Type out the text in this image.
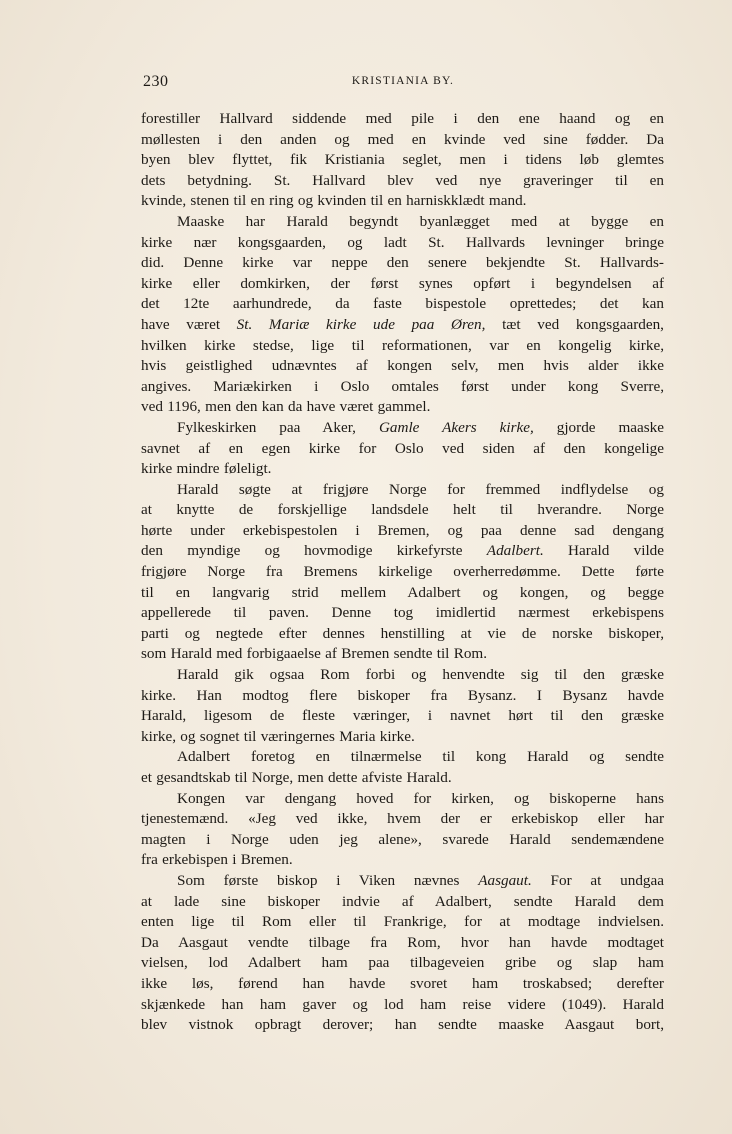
230	KRISTIANIA BY.
forestiller Hallvard siddende med pile i den ene haand og en
møllesten i den anden og med en kvinde ved sine fødder. Da
byen blev flyttet, fik Kristiania seglet, men i tidens løb glemtes
dets betydning. St. Hallvard blev ved nye graveringer til en
kvinde, stenen til en ring og kvinden til en harniskklædt mand.
Maaske har Harald begyndt byanlægget med at bygge en
kirke nær kongsgaarden, og ladt St. Hallvards levninger bringe
did. Denne kirke var neppe den senere bekjendte St. Hallvards-
kirke eller domkirken, der først synes opført i begyndelsen af
det 12te aarhundrede, da faste bispestole oprettedes; det kan
have været St. Mariæ kirke ude paa Øren, tæt ved kongsgaarden,
hvilken kirke stedse, lige til reformationen, var en kongelig kirke,
hvis geistlighed udnævntes af kongen selv, men hvis alder ikke
angives. Mariækirken i Oslo omtales først under kong Sverre,
ved 1196, men den kan da have været gammel.
Fylkeskirken paa Aker, Gamle Akers kirke, gjorde maaske
savnet af en egen kirke for Oslo ved siden af den kongelige
kirke mindre føleligt.
Harald søgte at frigjøre Norge for fremmed indflydelse og
at knytte de forskjellige landsdele helt til hverandre. Norge
hørte under erkebispestolen i Bremen, og paa denne sad dengang
den myndige og hovmodige kirkefyrste Adalbert. Harald vilde
frigjøre Norge fra Bremens kirkelige overherredømme. Dette førte
til en langvarig strid mellem Adalbert og kongen, og begge
appellerede til paven. Denne tog imidlertid nærmest erkebispens
parti og negtede efter dennes henstilling at vie de norske biskoper,
som Harald med forbigaaelse af Bremen sendte til Rom.
Harald gik ogsaa Rom forbi og henvendte sig til den græske
kirke. Han modtog flere biskoper fra Bysanz. I Bysanz havde
Harald, ligesom de fleste væringer, i navnet hørt til den græske
kirke, og sognet til væringernes Maria kirke.
Adalbert foretog en tilnærmelse til kong Harald og sendte
et gesandtskab til Norge, men dette afviste Harald.
Kongen var dengang hoved for kirken, og biskoperne hans
tjenestemænd. «Jeg ved ikke, hvem der er erkebiskop eller har
magten i Norge uden jeg alene», svarede Harald sendemændene
fra erkebispen i Bremen.
Som første biskop i Viken nævnes Aasgaut. For at undgaa
at lade sine biskoper indvie af Adalbert, sendte Harald dem
enten lige til Rom eller til Frankrige, for at modtage indvielsen.
Da Aasgaut vendte tilbage fra Rom, hvor han havde modtaget
vielsen, lod Adalbert ham paa tilbageveien gribe og slap ham
ikke løs, førend han havde svoret ham troskabsed; derefter
skjænkede han ham gaver og lod ham reise videre (1049). Harald
blev vistnok opbragt derover; han sendte maaske Aasgaut bort,
